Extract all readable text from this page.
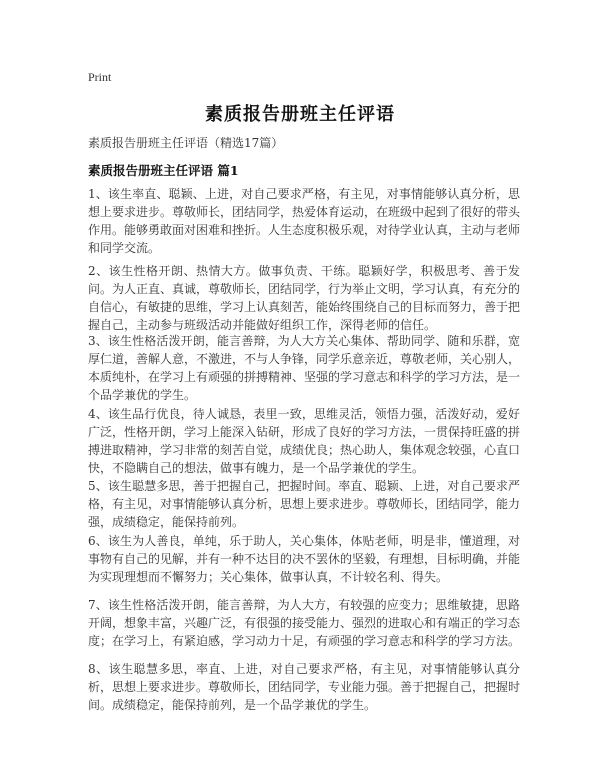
Print
素质报告册班主任评语
素质报告册班主任评语（精选17篇）
素质报告册班主任评语 篇1
1、该生率直、聪颖、上进，对自己要求严格，有主见，对事情能够认真分析，思想上要求进步。尊敬师长，团结同学，热爱体育运动，在班级中起到了很好的带头作用。能够勇敢面对困难和挫折。人生态度积极乐观，对待学业认真，主动与老师和同学交流。
2、该生性格开朗、热情大方。做事负责、干练。聪颖好学，积极思考、善于发问。为人正直、真诚，尊敬师长，团结同学，行为举止文明，学习认真，有充分的自信心，有敏捷的思维，学习上认真刻苦，能始终围绕自己的目标而努力，善于把握自己，主动参与班级活动并能做好组织工作，深得老师的信任。
3、该生性格活泼开朗，能言善辩，为人大方关心集体、帮助同学、随和乐群，宽厚仁道，善解人意，不激进，不与人争锋，同学乐意亲近，尊敬老师，关心别人，本质纯朴，在学习上有顽强的拼搏精神、坚强的学习意志和科学的学习方法，是一个品学兼优的学生。
4、该生品行优良，待人诚恳，表里一致，思维灵活，领悟力强，活泼好动，爱好广泛，性格开朗，学习上能深入钻研，形成了良好的学习方法，一贯保持旺盛的拼搏进取精神，学习非常的刻苦自觉，成绩优良；热心助人，集体观念较强，心直口快，不隐瞒自己的想法，做事有魄力，是一个品学兼优的学生。
5、该生聪慧多思，善于把握自己，把握时间。率直、聪颖、上进，对自己要求严格，有主见，对事情能够认真分析，思想上要求进步。尊敬师长，团结同学，能力强，成绩稳定，能保持前列。
6、该生为人善良，单纯，乐于助人，关心集体，体贴老师，明是非，懂道理，对事物有自己的见解，并有一种不达目的决不罢休的坚毅，有理想，目标明确，并能为实现理想而不懈努力；关心集体，做事认真，不计较名利、得失。
7、该生性格活泼开朗，能言善辩，为人大方，有较强的应变力；思维敏捷，思路开阔，想象丰富，兴趣广泛，有很强的接受能力、强烈的进取心和有端正的学习态度；在学习上，有紧迫感，学习动力十足，有顽强的学习意志和科学的学习方法。
8、该生聪慧多思，率直、上进，对自己要求严格，有主见，对事情能够认真分析，思想上要求进步。尊敬师长，团结同学，专业能力强。善于把握自己，把握时间。成绩稳定，能保持前列，是一个品学兼优的学生。
